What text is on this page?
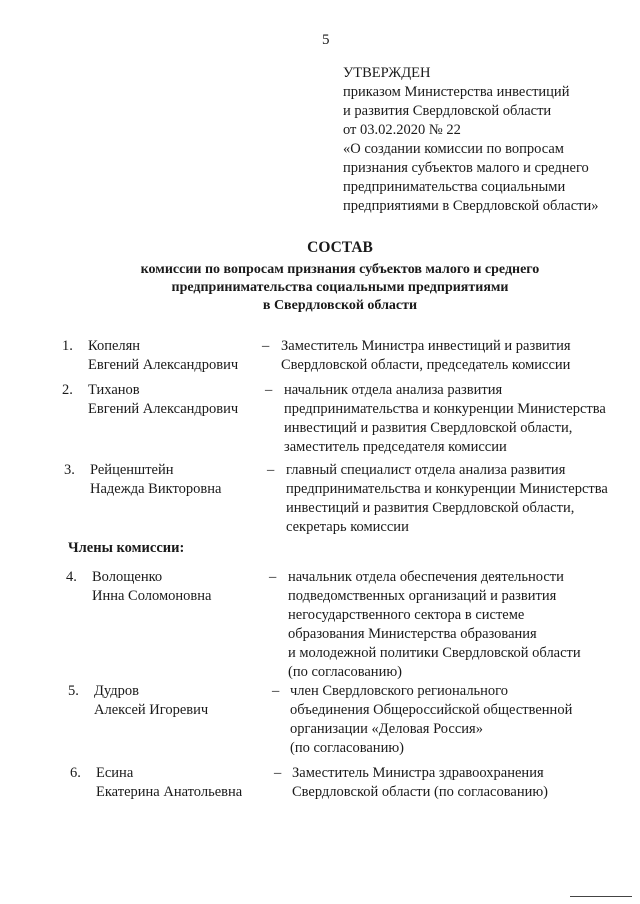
5
УТВЕРЖДЕН
приказом Министерства инвестиций
и развития Свердловской области
от 03.02.2020 № 22
«О создании комиссии по вопросам
признания субъектов малого и среднего
предпринимательства социальными
предприятиями в Свердловской области»
СОСТАВ
комиссии по вопросам признания субъектов малого и среднего
предпринимательства социальными предприятиями
в Свердловской области
1. Копелян
Евгений Александрович
– Заместитель Министра инвестиций и развития
Свердловской области, председатель комиссии
2. Тиханов
Евгений Александрович
– начальник отдела анализа развития
предпринимательства и конкуренции Министерства
инвестиций и развития Свердловской области,
заместитель председателя комиссии
3. Рейценштейн
Надежда Викторовна
– главный специалист отдела анализа развития
предпринимательства и конкуренции Министерства
инвестиций и развития Свердловской области,
секретарь комиссии
Члены комиссии:
4. Волощенко
Инна Соломоновна
– начальник отдела обеспечения деятельности
подведомственных организаций и развития
негосударственного сектора в системе
образования Министерства образования
и молодежной политики Свердловской области
(по согласованию)
5. Дудров
Алексей Игоревич
– член Свердловского регионального
объединения Общероссийской общественной
организации «Деловая Россия»
(по согласованию)
6. Есина
Екатерина Анатольевна
– Заместитель Министра здравоохранения
Свердловской области (по согласованию)
